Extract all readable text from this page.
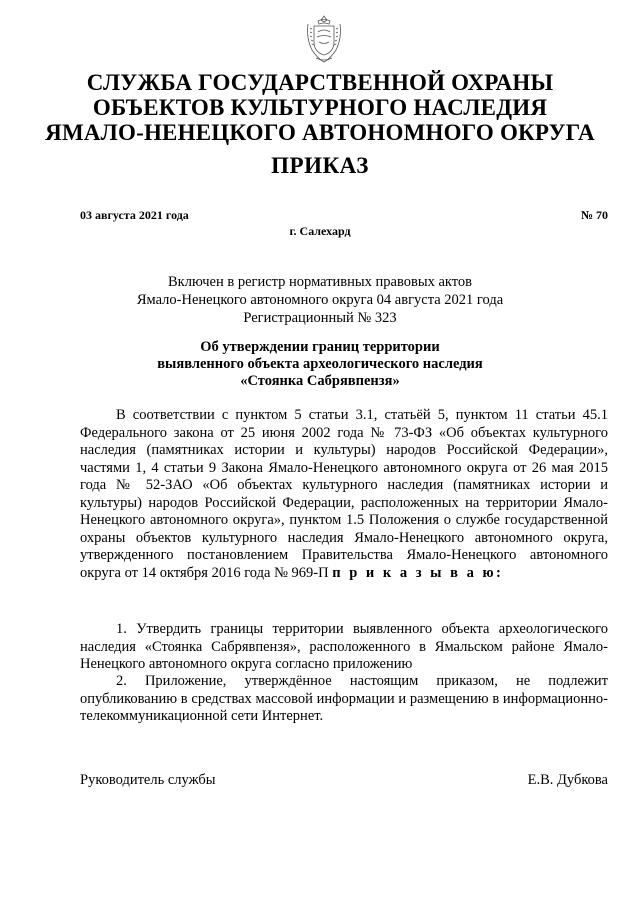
СЛУЖБА ГОСУДАРСТВЕННОЙ ОХРАНЫ
ОБЪЕКТОВ КУЛЬТУРНОГО НАСЛЕДИЯ
ЯМАЛО-НЕНЕЦКОГО АВТОНОМНОГО ОКРУГА
ПРИКАЗ
03 августа 2021 года	№ 70
г. Салехард
Включен в регистр нормативных правовых актов
Ямало-Ненецкого автономного округа 04 августа 2021 года
Регистрационный № 323
Об утверждении границ территории
выявленного объекта археологического наследия
«Стоянка Сабрявпензя»

В соответствии с пунктом 5 статьи 3.1, статьёй 5, пунктом 11 статьи 45.1 Федерального закона от 25 июня 2002 года № 73-ФЗ «Об объектах культурного наследия (памятниках истории и культуры) народов Российской Федерации», частями 1, 4 статьи 9 Закона Ямало-Ненецкого автономного округа от 26 мая 2015 года № 52-ЗАО «Об объектах культурного наследия (памятниках истории и культуры) народов Российской Федерации, расположенных на территории Ямало-Ненецкого автономного округа», пунктом 1.5 Положения о службе государственной охраны объектов культурного наследия Ямало-Ненецкого автономного округа, утвержденного постановлением Правительства Ямало-Ненецкого автономного округа от 14 октября 2016 года № 969-П п р и к а з ы в а ю:

1. Утвердить границы территории выявленного объекта археологического наследия «Стоянка Сабрявпензя», расположенного в Ямальском районе Ямало-Ненецкого автономного округа согласно приложению

2. Приложение, утверждённое настоящим приказом, не подлежит опубликованию в средствах массовой информации и размещению в информационно-телекоммуникационной сети Интернет.

Руководитель службы	Е.В. Дубкова
